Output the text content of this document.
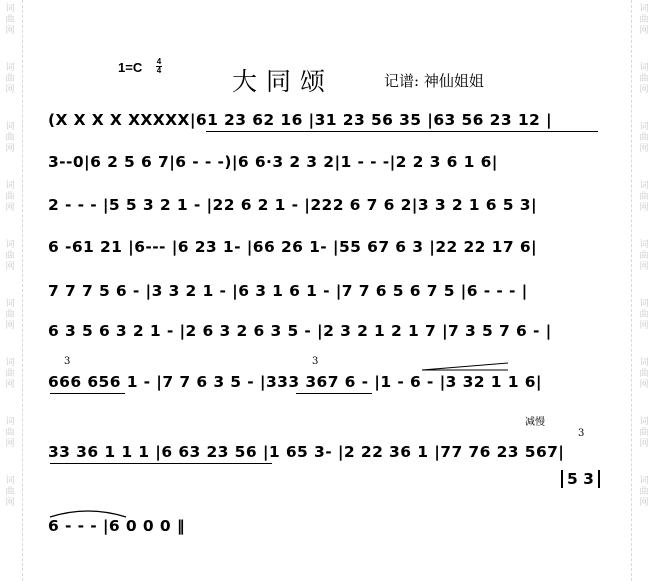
词
曲
网
词
曲
网
词
曲
网
词
曲
网
词
曲
网
词
曲
网
词
曲
网
词
曲
网
词
曲
网
词
曲
网
词
曲
网
词
曲
网
词
曲
网
词
曲
网
词
曲
网
词
曲
网
词
曲
网
词
曲
网
1=C 4
4	大同颂	记谱: 神仙姐姐
(X X X X XXXXX|61 23 62 16 |31 23 56 35 |63 56 23 12 |
3--0|6 2 5 6 7|6 - - -)|6 6·3 2 3 2|1 - - -|2 2 3 6 1 6|
2 - - - |5 5 3 2 1 - |22 6 2 1 - |222 6 7 6 2|3 3 2 1 6 5 3|
6 -61 21 |6--- |6 23 1- |66 26 1- |55 67 6 3 |22 22 17 6|
7 7 7 5 6 - |3 3 2 1 - |6 3 1 6 1 - |7 7 6 5 6 7 5 |6 - - - |
6 3 5 6 3 2 1 - |2 6 3 2 6 3 5 - |2 3 2 1 2 1 7 |7 3 5 7 6 - |
666 656 1 - |7 7 6 3 5 - |333 367 6 - |1 - 6 - |3 32 1 1 6|
33 36 1 1 1 |6 63 23 56 |1 65 3- |2 22 36 1 |77 76 23 567|
6 - - - |6 0 0 0 ‖
3	3
3
减慢
5 3
